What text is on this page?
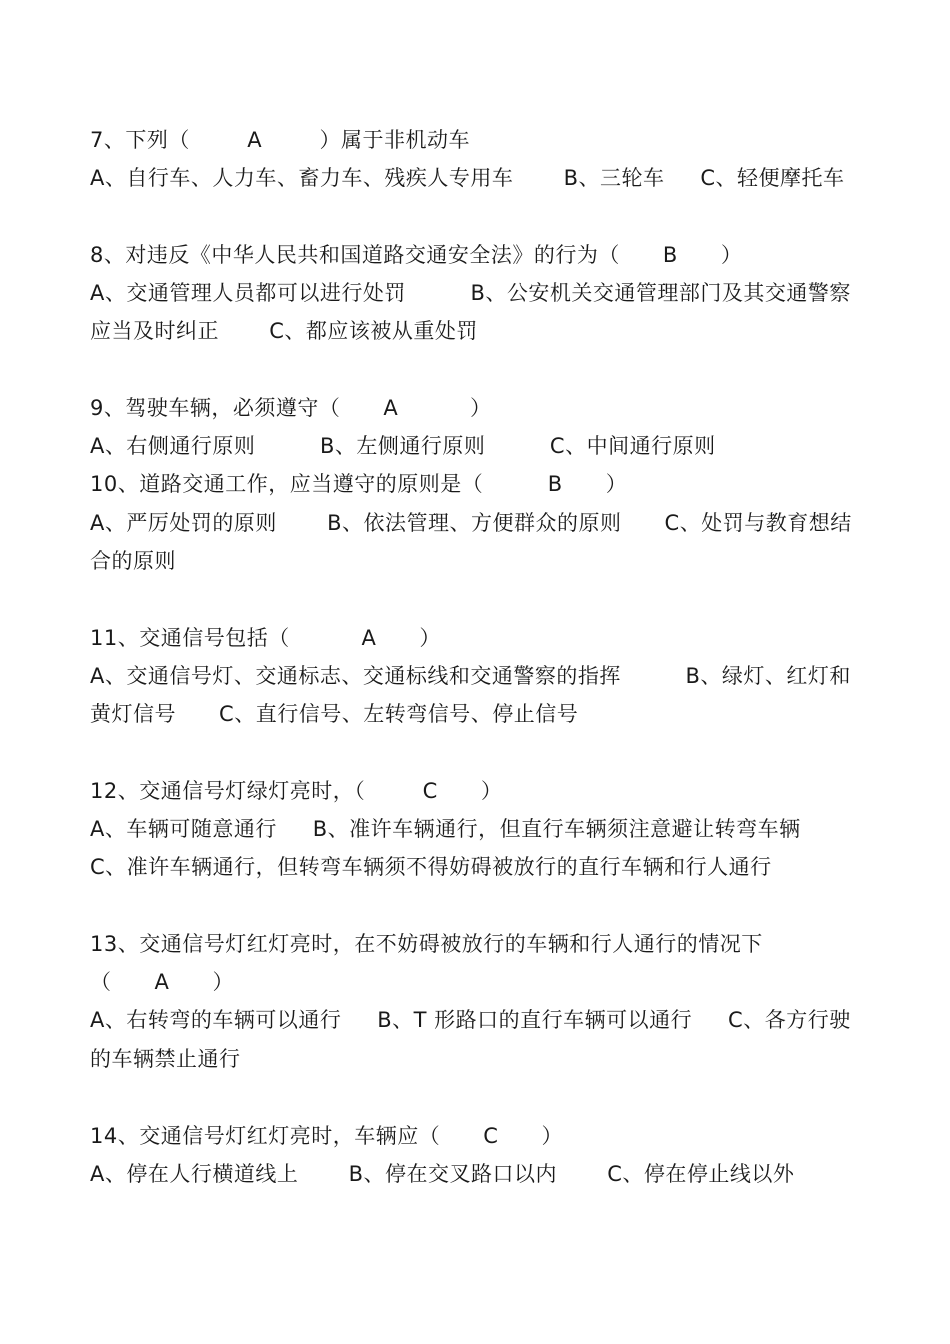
7、下列（        A        ）属于非机动车
A、自行车、人力车、畜力车、残疾人专用车       B、三轮车     C、轻便摩托车
8、对违反《中华人民共和国道路交通安全法》的行为（      B      ）
A、交通管理人员都可以进行处罚         B、公安机关交通管理部门及其交通警察
应当及时纠正       C、都应该被从重处罚
9、驾驶车辆，必须遵守（      A          ）
A、右侧通行原则         B、左侧通行原则         C、中间通行原则
10、道路交通工作，应当遵守的原则是（         B      ）
A、严厉处罚的原则       B、依法管理、方便群众的原则      C、处罚与教育想结
合的原则
11、交通信号包括（          A      ）
A、交通信号灯、交通标志、交通标线和交通警察的指挥         B、绿灯、红灯和
黄灯信号      C、直行信号、左转弯信号、停止信号
12、交通信号灯绿灯亮时，（        C      ）
A、车辆可随意通行     B、准许车辆通行，但直行车辆须注意避让转弯车辆
C、准许车辆通行，但转弯车辆须不得妨碍被放行的直行车辆和行人通行
13、交通信号灯红灯亮时，在不妨碍被放行的车辆和行人通行的情况下
（      A      ）
A、右转弯的车辆可以通行     B、T 形路口的直行车辆可以通行     C、各方行驶
的车辆禁止通行
14、交通信号灯红灯亮时，车辆应（      C      ）
A、停在人行横道线上       B、停在交叉路口以内       C、停在停止线以外
